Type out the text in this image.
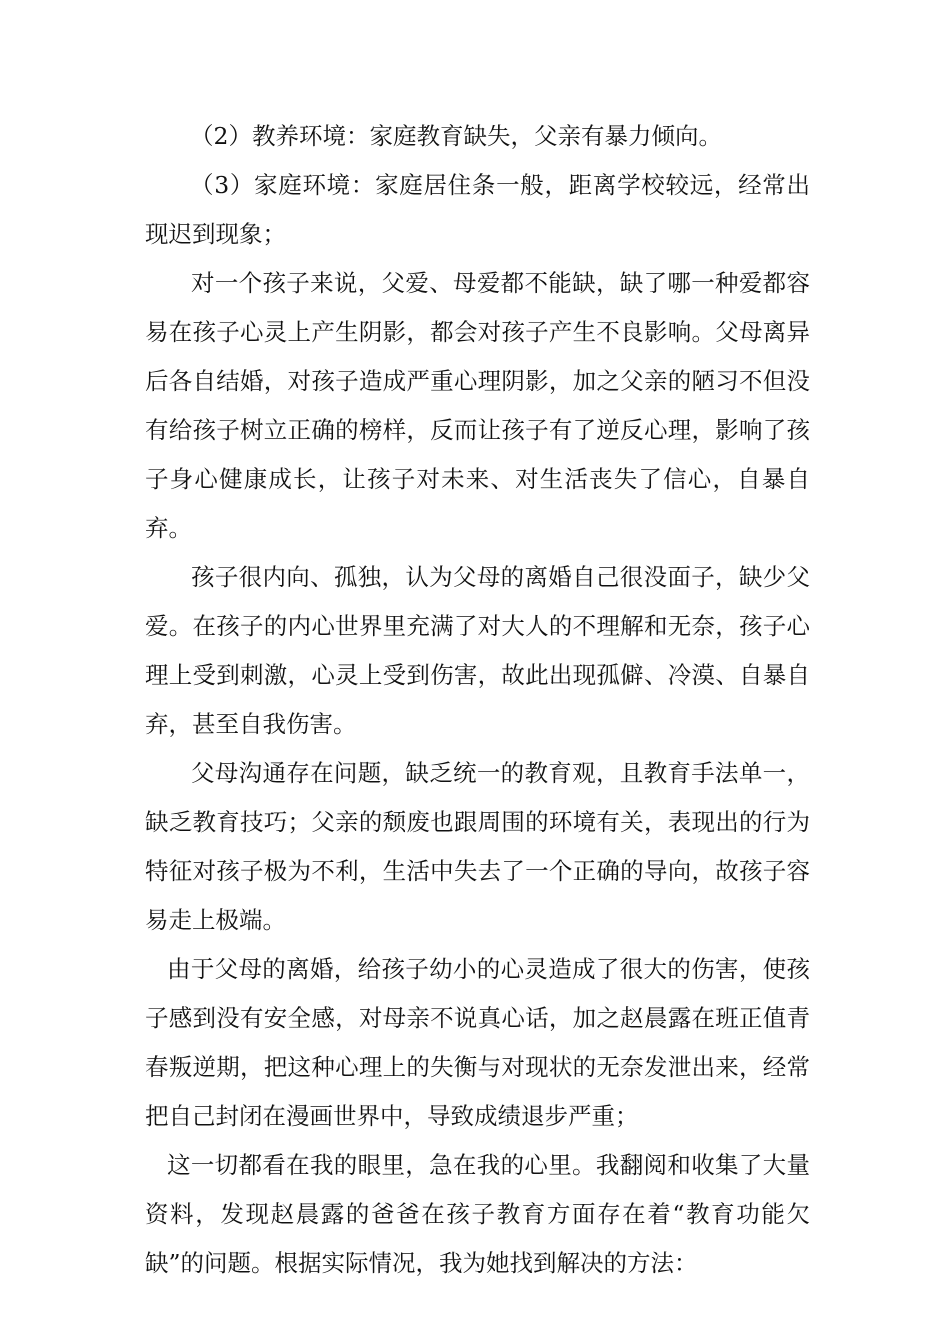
（2）教养环境：家庭教育缺失，父亲有暴力倾向。

（3）家庭环境：家庭居住条一般，距离学校较远，经常出现迟到现象；

对一个孩子来说，父爱、母爱都不能缺，缺了哪一种爱都容易在孩子心灵上产生阴影，都会对孩子产生不良影响。父母离异后各自结婚，对孩子造成严重心理阴影，加之父亲的陋习不但没有给孩子树立正确的榜样，反而让孩子有了逆反心理，影响了孩子身心健康成长，让孩子对未来、对生活丧失了信心，自暴自弃。

孩子很内向、孤独，认为父母的离婚自己很没面子，缺少父爱。在孩子的内心世界里充满了对大人的不理解和无奈，孩子心理上受到刺激，心灵上受到伤害，故此出现孤僻、冷漠、自暴自弃，甚至自我伤害。

父母沟通存在问题，缺乏统一的教育观，且教育手法单一，缺乏教育技巧；父亲的颓废也跟周围的环境有关，表现出的行为特征对孩子极为不利，生活中失去了一个正确的导向，故孩子容易走上极端。

由于父母的离婚，给孩子幼小的心灵造成了很大的伤害，使孩子感到没有安全感，对母亲不说真心话，加之赵晨露在班正值青春叛逆期，把这种心理上的失衡与对现状的无奈发泄出来，经常把自己封闭在漫画世界中，导致成绩退步严重；

这一切都看在我的眼里，急在我的心里。我翻阅和收集了大量资料，发现赵晨露的爸爸在孩子教育方面存在着“教育功能欠缺”的问题。根据实际情况，我为她找到解决的方法：
